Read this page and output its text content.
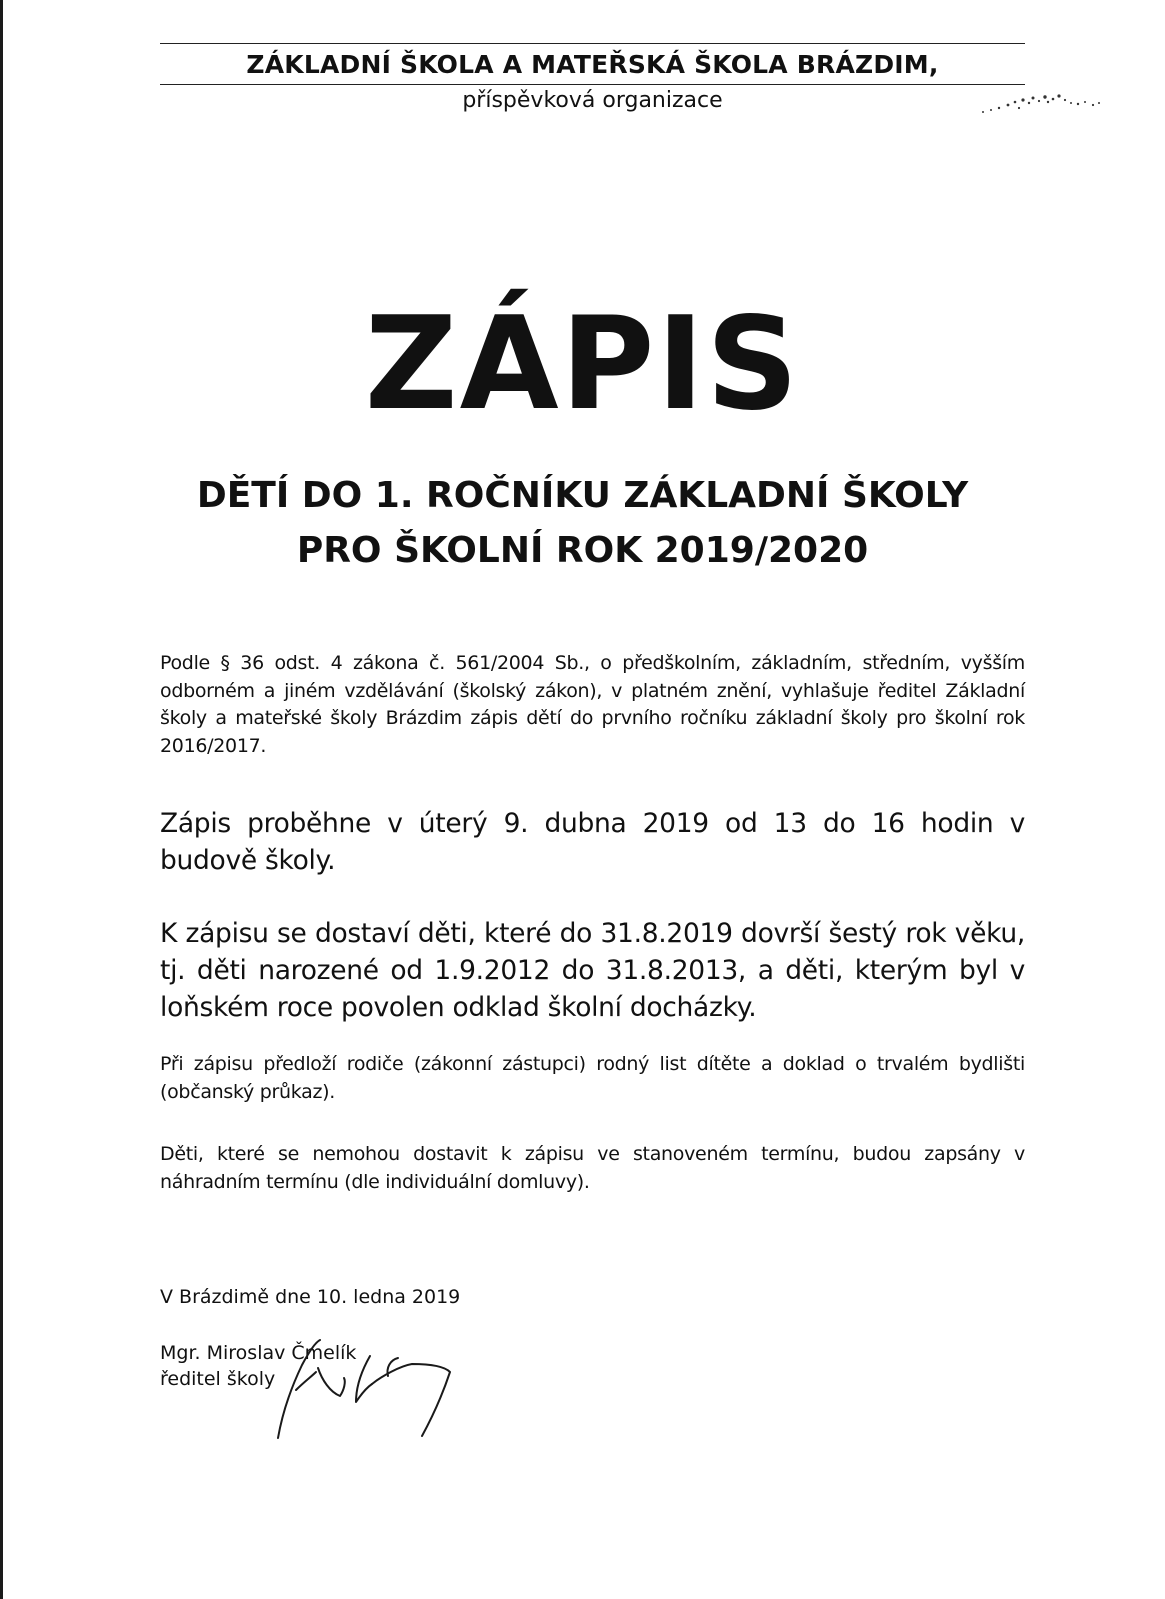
ZÁKLADNÍ ŠKOLA A MATEŘSKÁ ŠKOLA BRÁZDIM,
příspěvková organizace
ZÁPIS
DĚTÍ DO 1. ROČNÍKU ZÁKLADNÍ ŠKOLY
PRO ŠKOLNÍ ROK 2019/2020
Podle § 36 odst. 4 zákona č. 561/2004 Sb., o předškolním, základním, středním, vyšším odborném a jiném vzdělávání (školský zákon), v platném znění, vyhlašuje ředitel Základní školy a mateřské školy Brázdim zápis dětí do prvního ročníku základní školy pro školní rok 2016/2017.
Zápis proběhne v úterý 9. dubna 2019 od 13 do 16 hodin v budově školy.
K zápisu se dostaví děti, které do 31.8.2019 dovrší šestý rok věku, tj. děti narozené od 1.9.2012 do 31.8.2013, a děti, kterým byl v loňském roce povolen odklad školní docházky.
Při zápisu předloží rodiče (zákonní zástupci) rodný list dítěte a doklad o trvalém bydlišti (občanský průkaz).
Děti, které se nemohou dostavit k zápisu ve stanoveném termínu, budou zapsány v náhradním termínu (dle individuální domluvy).
V Brázdimě dne 10. ledna 2019
Mgr. Miroslav Čmelík
ředitel školy
